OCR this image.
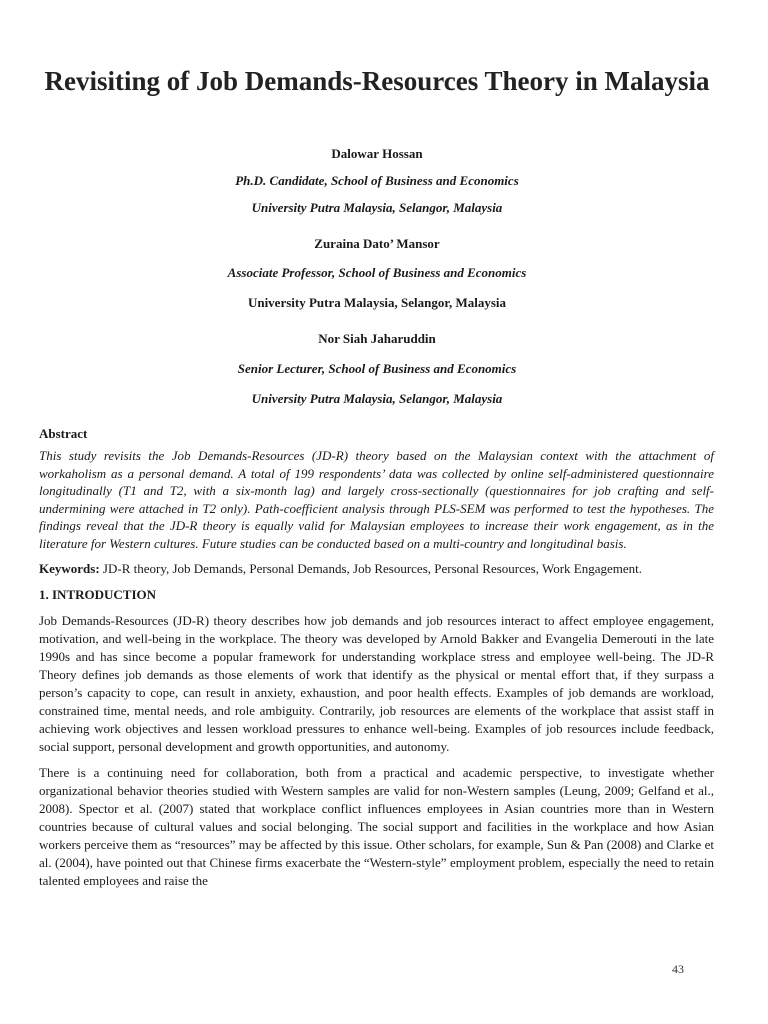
Revisiting of Job Demands-Resources Theory in Malaysia

Dalowar Hossan

Ph.D. Candidate, School of Business and Economics

University Putra Malaysia, Selangor, Malaysia

Zuraina Dato’ Mansor

Associate Professor, School of Business and Economics

University Putra Malaysia, Selangor, Malaysia

Nor Siah Jaharuddin

Senior Lecturer, School of Business and Economics

University Putra Malaysia, Selangor, Malaysia

Abstract

This study revisits the Job Demands-Resources (JD-R) theory based on the Malaysian context with the attachment of workaholism as a personal demand. A total of 199 respondents’ data was collected by online self-administered questionnaire longitudinally (T1 and T2, with a six-month lag) and largely cross-sectionally (questionnaires for job crafting and self-undermining were attached in T2 only). Path-coefficient analysis through PLS-SEM was performed to test the hypotheses. The findings reveal that the JD-R theory is equally valid for Malaysian employees to increase their work engagement, as in the literature for Western cultures. Future studies can be conducted based on a multi-country and longitudinal basis.

Keywords: JD-R theory, Job Demands, Personal Demands, Job Resources, Personal Resources, Work Engagement.

1. INTRODUCTION

Job Demands-Resources (JD-R) theory describes how job demands and job resources interact to affect employee engagement, motivation, and well-being in the workplace. The theory was developed by Arnold Bakker and Evangelia Demerouti in the late 1990s and has since become a popular framework for understanding workplace stress and employee well-being. The JD-R Theory defines job demands as those elements of work that identify as the physical or mental effort that, if they surpass a person’s capacity to cope, can result in anxiety, exhaustion, and poor health effects. Examples of job demands are workload, constrained time, mental needs, and role ambiguity. Contrarily, job resources are elements of the workplace that assist staff in achieving work objectives and lessen workload pressures to enhance well-being. Examples of job resources include feedback, social support, personal development and growth opportunities, and autonomy.

There is a continuing need for collaboration, both from a practical and academic perspective, to investigate whether organizational behavior theories studied with Western samples are valid for non-Western samples (Leung, 2009; Gelfand et al., 2008). Spector et al. (2007) stated that workplace conflict influences employees in Asian countries more than in Western countries because of cultural values and social belonging. The social support and facilities in the workplace and how Asian workers perceive them as “resources” may be affected by this issue. Other scholars, for example, Sun & Pan (2008) and Clarke et al. (2004), have pointed out that Chinese firms exacerbate the “Western-style” employment problem, especially the need to retain talented employees and raise the

43
